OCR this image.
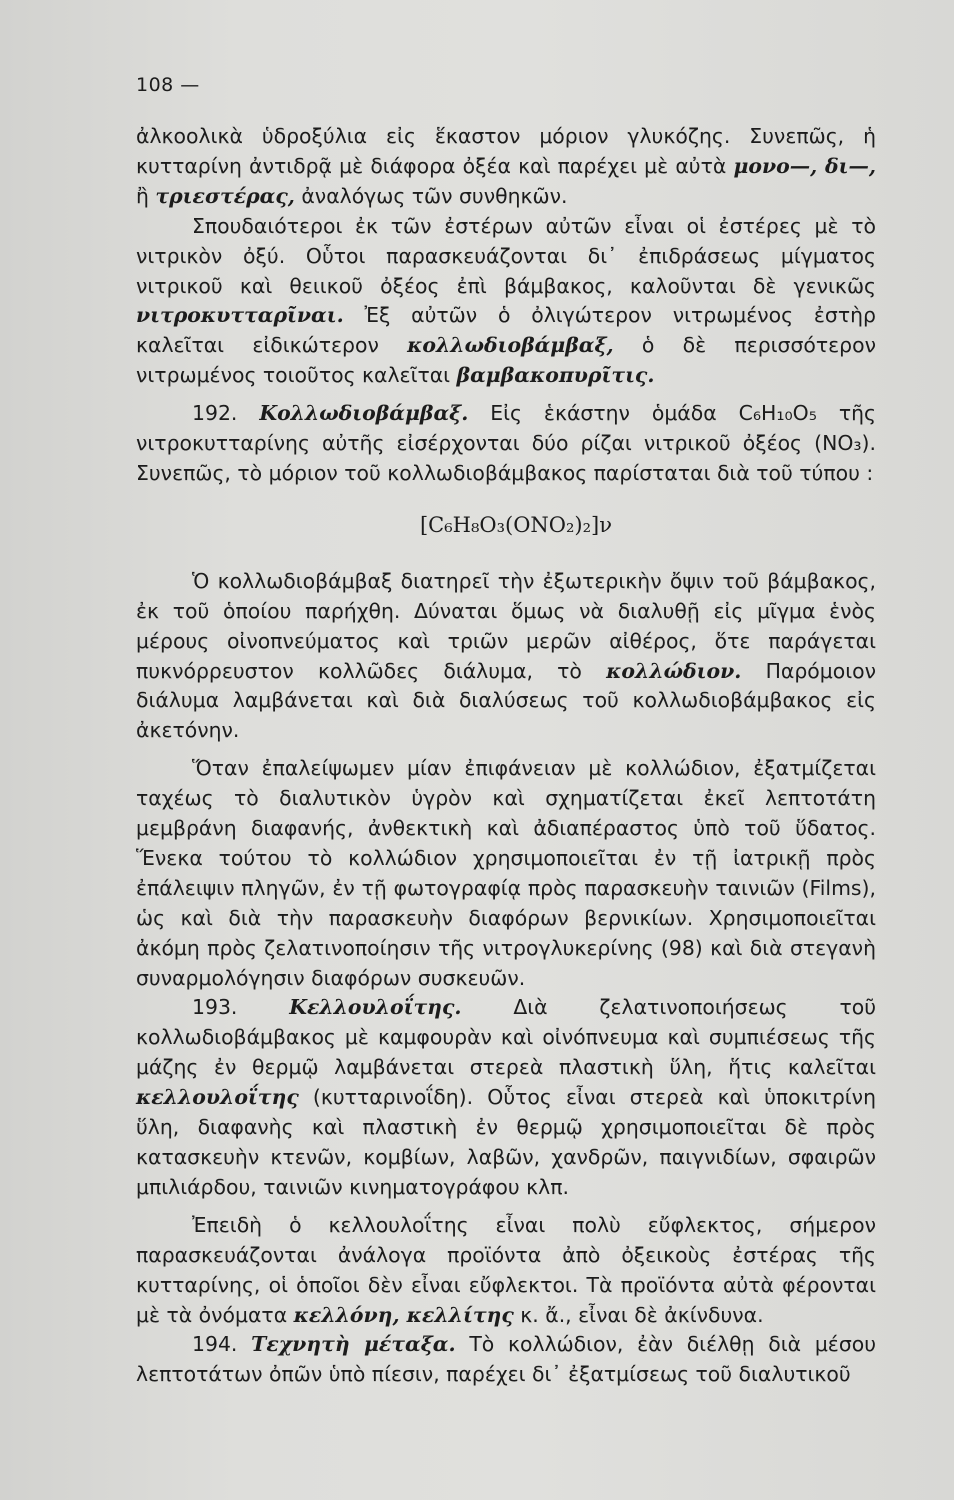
108 —

ἀλκοολικὰ ὑδροξύλια εἰς ἕκαστον μόριον γλυκόζης. Συνεπῶς, ἡ κυτταρίνη ἀντιδρᾷ μὲ διάφορα ὀξέα καὶ παρέχει μὲ αὐτὰ μονο—, δι—, ἢ τριεστέρας, ἀναλόγως τῶν συνθηκῶν.

Σπουδαιότεροι ἐκ τῶν ἐστέρων αὐτῶν εἶναι οἱ ἐστέρες μὲ τὸ νιτρικὸν ὀξύ. Οὗτοι παρασκευάζονται δι᾽ ἐπιδράσεως μίγματος νιτρικοῦ καὶ θειικοῦ ὀξέος ἐπὶ βάμβακος, καλοῦνται δὲ γενικῶς νιτροκυτταρῖναι. Ἐξ αὐτῶν ὁ ὀλιγώτερον νιτρωμένος ἐστὴρ καλεῖται εἰδικώτερον κολλωδιοβάμβαξ, ὁ δὲ περισσότερον νιτρωμένος τοιοῦτος καλεῖται βαμβακοπυρῖτις.

192. Κολλωδιοβάμβαξ. Εἰς ἑκάστην ὁμάδα C₆H₁₀O₅ τῆς νιτροκυτταρίνης αὐτῆς εἰσέρχονται δύο ρίζαι νιτρικοῦ ὀξέος (NO₃). Συνεπῶς, τὸ μόριον τοῦ κολλωδιοβάμβακος παρίσταται διὰ τοῦ τύπου :

[C₆H₈O₃(ONO₂)₂]ν

Ὁ κολλωδιοβάμβαξ διατηρεῖ τὴν ἐξωτερικὴν ὄψιν τοῦ βάμβακος, ἐκ τοῦ ὁποίου παρήχθη. Δύναται ὅμως νὰ διαλυθῇ εἰς μῖγμα ἑνὸς μέρους οἰνοπνεύματος καὶ τριῶν μερῶν αἰθέρος, ὅτε παράγεται πυκνόρρευστον κολλῶδες διάλυμα, τὸ κολλώδιον. Παρόμοιον διάλυμα λαμβάνεται καὶ διὰ διαλύσεως τοῦ κολλωδιοβάμβακος εἰς ἀκετόνην.

Ὅταν ἐπαλείψωμεν μίαν ἐπιφάνειαν μὲ κολλώδιον, ἐξατμίζεται ταχέως τὸ διαλυτικὸν ὑγρὸν καὶ σχηματίζεται ἐκεῖ λεπτοτάτη μεμβράνη διαφανής, ἀνθεκτικὴ καὶ ἀδιαπέραστος ὑπὸ τοῦ ὕδατος. Ἕνεκα τούτου τὸ κολλώδιον χρησιμοποιεῖται ἐν τῇ ἰατρικῇ πρὸς ἐπάλειψιν πληγῶν, ἐν τῇ φωτογραφίᾳ πρὸς παρασκευὴν ταινιῶν (Films), ὡς καὶ διὰ τὴν παρασκευὴν διαφόρων βερνικίων. Χρησιμοποιεῖται ἀκόμη πρὸς ζελατινοποίησιν τῆς νιτρογλυκερίνης (98) καὶ διὰ στεγανὴ συναρμολόγησιν διαφόρων συσκευῶν.

193.	Κελλουλοΐτης. Διὰ ζελατινοποιήσεως τοῦ κολλωδιοβάμβακος μὲ καμφουρὰν καὶ οἰνόπνευμα καὶ συμπιέσεως τῆς μάζης ἐν θερμῷ λαμβάνεται στερεὰ πλαστικὴ ὕλη, ἥτις καλεῖται κελλουλοΐτης (κυτταρινοΐδη). Οὗτος εἶναι στερεὰ καὶ ὑποκιτρίνη ὕλη, διαφανὴς καὶ πλαστικὴ ἐν θερμῷ χρησιμοποιεῖται δὲ πρὸς κατασκευὴν κτενῶν, κομβίων, λαβῶν, χανδρῶν, παιγνιδίων, σφαιρῶν μπιλιάρδου, ταινιῶν κινηματογράφου κλπ.

Ἐπειδὴ ὁ κελλουλοΐτης εἶναι πολὺ εὔφλεκτος, σήμερον παρασκευάζονται ἀνάλογα προϊόντα ἀπὸ ὀξεικοὺς ἐστέρας τῆς κυτταρίνης, οἱ ὁποῖοι δὲν εἶναι εὔφλεκτοι. Τὰ προϊόντα αὐτὰ φέρονται μὲ τὰ ὀνόματα κελλόνη, κελλίτης κ. ἄ., εἶναι δὲ ἀκίνδυνα.

194. Τεχνητὴ μέταξα. Τὸ κολλώδιον, ἐὰν διέλθῃ διὰ μέσου λεπτοτάτων ὀπῶν ὑπὸ πίεσιν, παρέχει δι᾽ ἐξατμίσεως τοῦ διαλυτικοῦ
